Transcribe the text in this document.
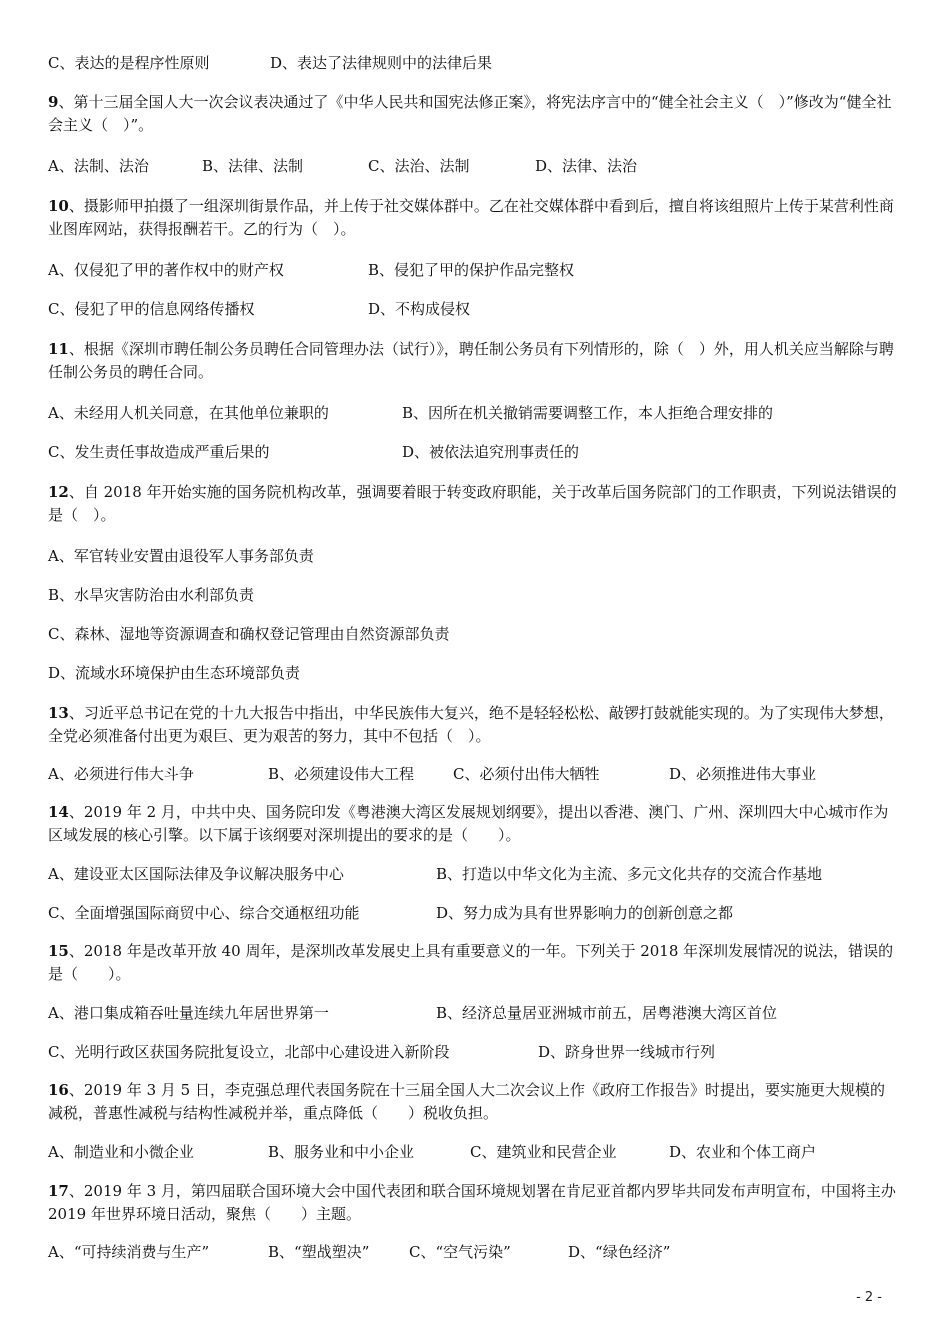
C、表达的是程序性原则	D、表达了法律规则中的法律后果
9、第十三届全国人大一次会议表决通过了《中华人民共和国宪法修正案》，将宪法序言中的“健全社会主义（　）”修改为“健全社会主义（　）”。
A、法制、法治	B、法律、法制	C、法治、法制	D、法律、法治
10、摄影师甲拍摄了一组深圳街景作品，并上传于社交媒体群中。乙在社交媒体群中看到后，擅自将该组照片上传于某营利性商业图库网站，获得报酬若干。乙的行为（　）。
A、仅侵犯了甲的著作权中的财产权	B、侵犯了甲的保护作品完整权
C、侵犯了甲的信息网络传播权	D、不构成侵权
11、根据《深圳市聘任制公务员聘任合同管理办法（试行）》，聘任制公务员有下列情形的，除（　）外，用人机关应当解除与聘任制公务员的聘任合同。
A、未经用人机关同意，在其他单位兼职的	B、因所在机关撤销需要调整工作，本人拒绝合理安排的
C、发生责任事故造成严重后果的	D、被依法追究刑事责任的
12、自 2018 年开始实施的国务院机构改革，强调要着眼于转变政府职能，关于改革后国务院部门的工作职责，下列说法错误的是（　）。
A、军官转业安置由退役军人事务部负责
B、水旱灾害防治由水利部负责
C、森林、湿地等资源调查和确权登记管理由自然资源部负责
D、流域水环境保护由生态环境部负责
13、习近平总书记在党的十九大报告中指出，中华民族伟大复兴，绝不是轻轻松松、敲锣打鼓就能实现的。为了实现伟大梦想，全党必须准备付出更为艰巨、更为艰苦的努力，其中不包括（　）。
A、必须进行伟大斗争	B、必须建设伟大工程	C、必须付出伟大牺牲	D、必须推进伟大事业
14、2019 年 2 月，中共中央、国务院印发《粤港澳大湾区发展规划纲要》，提出以香港、澳门、广州、深圳四大中心城市作为区域发展的核心引擎。以下属于该纲要对深圳提出的要求的是（　　）。
A、建设亚太区国际法律及争议解决服务中心	B、打造以中华文化为主流、多元文化共存的交流合作基地
C、全面增强国际商贸中心、综合交通枢纽功能	D、努力成为具有世界影响力的创新创意之都
15、2018 年是改革开放 40 周年，是深圳改革发展史上具有重要意义的一年。下列关于 2018 年深圳发展情况的说法，错误的是（　　）。
A、港口集成箱吞吐量连续九年居世界第一	B、经济总量居亚洲城市前五，居粤港澳大湾区首位
C、光明行政区获国务院批复设立，北部中心建设进入新阶段	D、跻身世界一线城市行列
16、2019 年 3 月 5 日，李克强总理代表国务院在十三届全国人大二次会议上作《政府工作报告》时提出，要实施更大规模的减税，普惠性减税与结构性减税并举，重点降低（　　）税收负担。
A、制造业和小微企业	B、服务业和中小企业	C、建筑业和民营企业	D、农业和个体工商户
17、2019 年 3 月，第四届联合国环境大会中国代表团和联合国环境规划署在肯尼亚首都内罗毕共同发布声明宣布，中国将主办 2019 年世界环境日活动，聚焦（　　）主题。
A、“可持续消费与生产”	B、“塑战塑决”	C、“空气污染”	D、“绿色经济”
- 2 -
